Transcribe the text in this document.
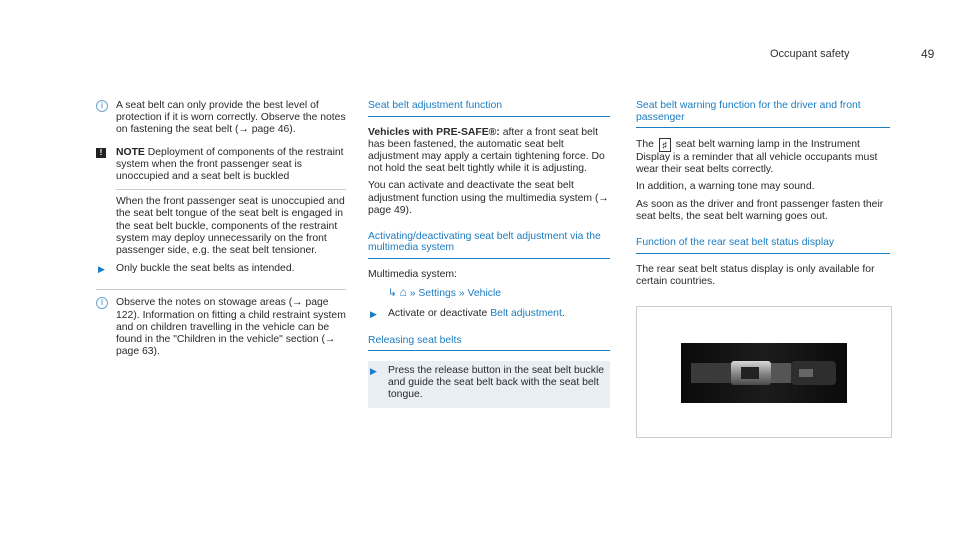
Occupant safety	49
i	A seat belt can only provide the best level of protection if it is worn correctly. Observe the notes on fastening the seat belt (→ page 46).

!	NOTE Deployment of components of the restraint system when the front passenger seat is unoccupied and a seat belt is buckled

When the front passenger seat is unoccupied and the seat belt tongue of the seat belt is engaged in the seat belt buckle, components of the restraint system may deploy unnecessarily on the front passenger side, e.g. the seat belt tensioner.

▶ Only buckle the seat belts as intended.
i	Observe the notes on stowage areas (→ page 122). Information on fitting a child restraint system and on children travelling in the vehicle can be found in the "Children in the vehicle" section (→ page 63).

Seat belt adjustment function

Vehicles with PRE-SAFE®: after a front seat belt has been fastened, the automatic seat belt adjustment may apply a certain tightening force. Do not hold the seat belt tightly while it is adjusting.

You can activate and deactivate the seat belt adjustment function using the multimedia system (→ page 49).

Activating/deactivating seat belt adjustment via the multimedia system

Multimedia system:

↳ ⌂ » Settings » Vehicle
▶ Activate or deactivate Belt adjustment.
Releasing seat belts
▶ Press the release button in the seat belt buckle and guide the seat belt back with the seat belt tongue.
Seat belt warning function for the driver and front passenger

The ♯ seat belt warning lamp in the Instrument Display is a reminder that all vehicle occupants must wear their seat belts correctly.

In addition, a warning tone may sound.

As soon as the driver and front passenger fasten their seat belts, the seat belt warning goes out.

Function of the rear seat belt status display

The rear seat belt status display is only available for certain countries.
